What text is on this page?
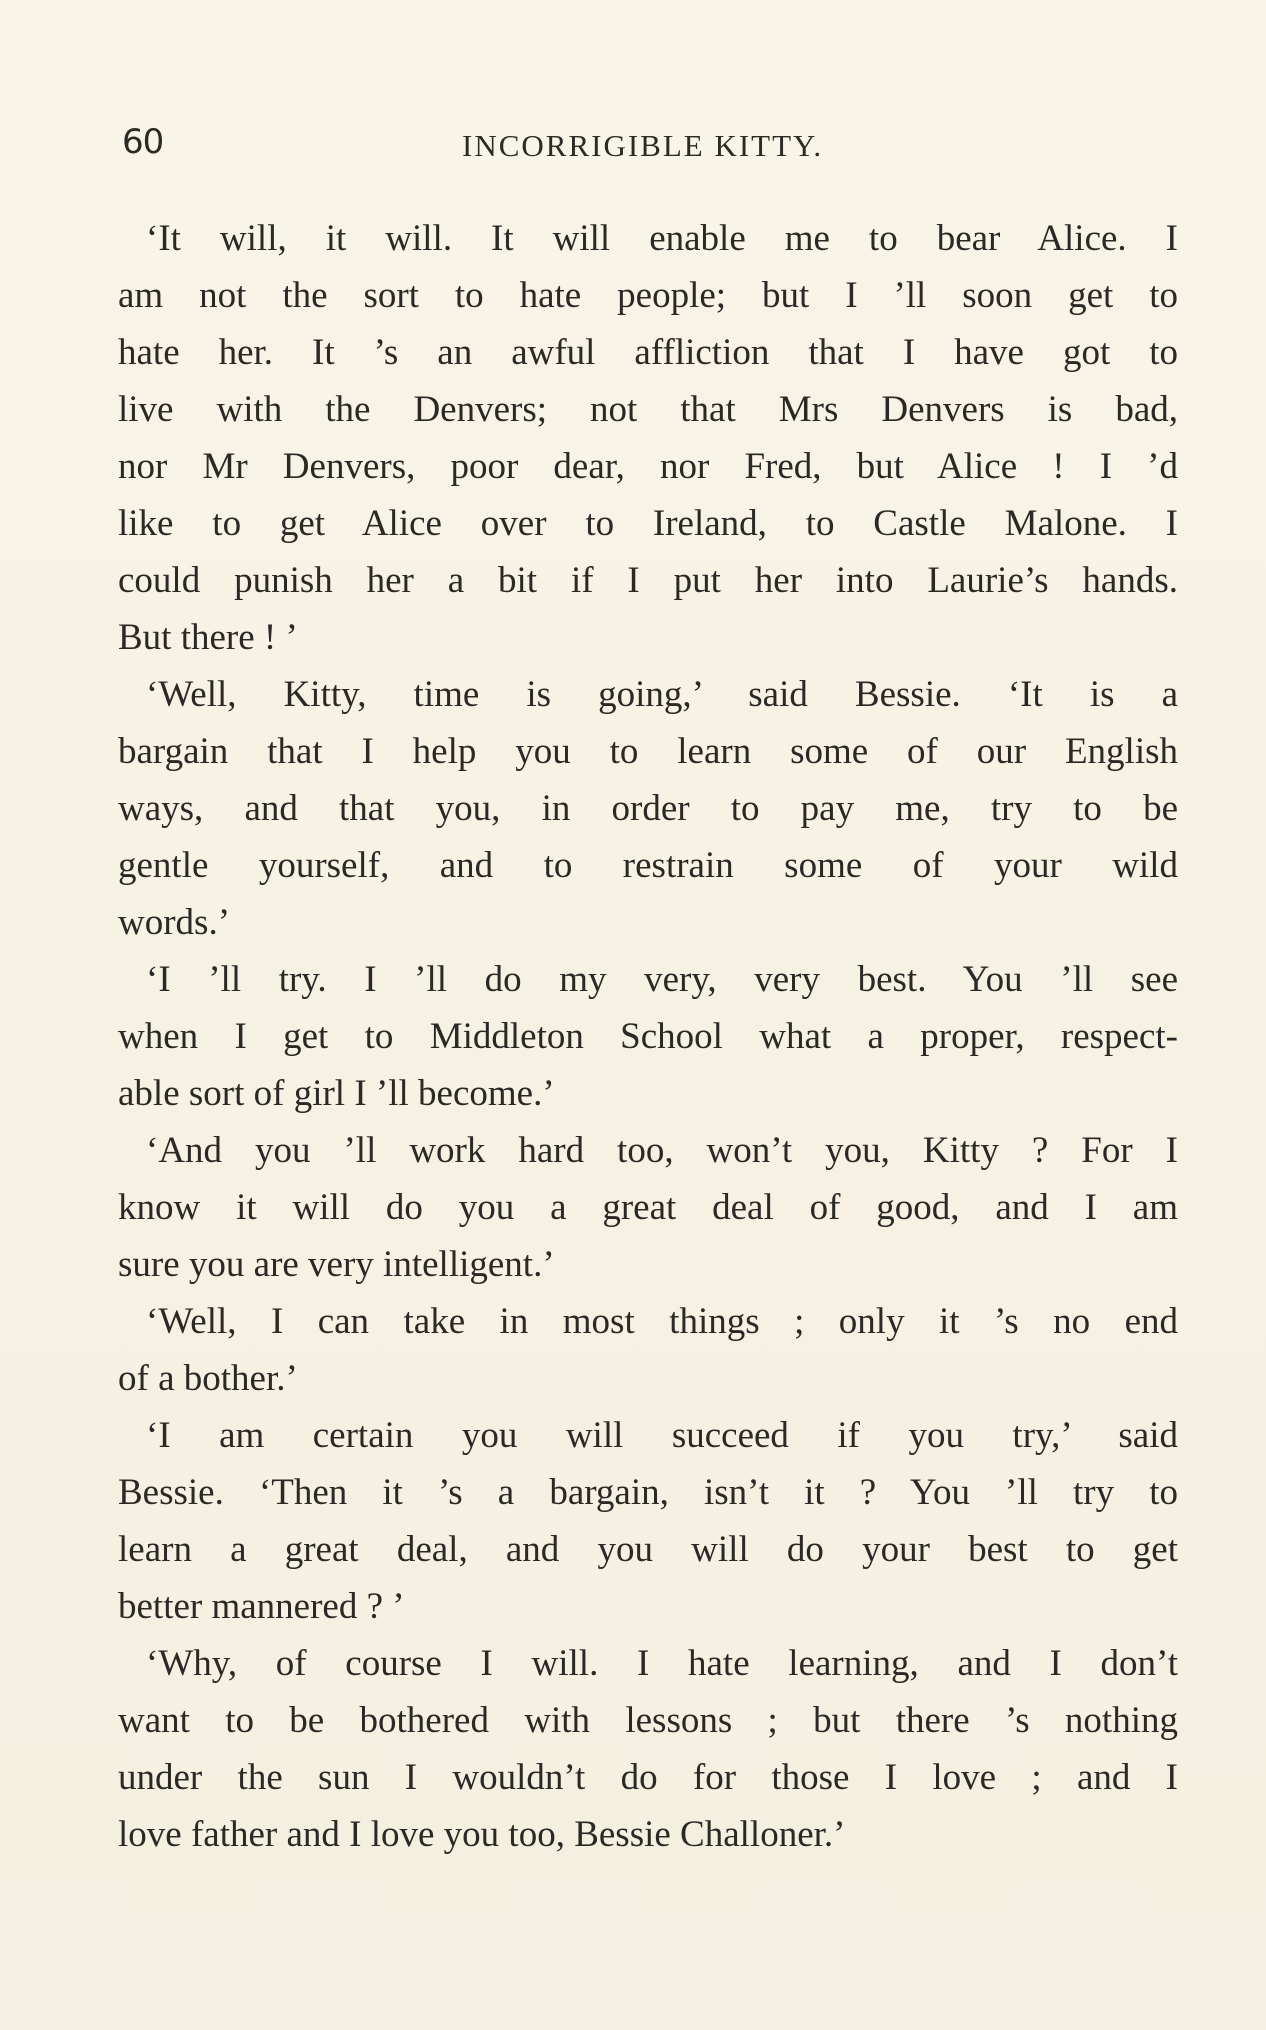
60	INCORRIGIBLE KITTY.
‘It will, it will. It will enable me to bear Alice. I
am not the sort to hate people; but I ’ll soon get to
hate her. It ’s an awful affliction that I have got to
live with the Denvers; not that Mrs Denvers is bad,
nor Mr Denvers, poor dear, nor Fred, but Alice ! I ’d
like to get Alice over to Ireland, to Castle Malone. I
could punish her a bit if I put her into Laurie’s hands.
But there ! ’
‘Well, Kitty, time is going,’ said Bessie. ‘It is a
bargain that I help you to learn some of our English
ways, and that you, in order to pay me, try to be
gentle yourself, and to restrain some of your wild
words.’
‘I ’ll try. I ’ll do my very, very best. You ’ll see
when I get to Middleton School what a proper, respect-
able sort of girl I ’ll become.’
‘And you ’ll work hard too, won’t you, Kitty ? For I
know it will do you a great deal of good, and I am
sure you are very intelligent.’
‘Well, I can take in most things ; only it ’s no end
of a bother.’
‘I am certain you will succeed if you try,’ said
Bessie. ‘Then it ’s a bargain, isn’t it ? You ’ll try to
learn a great deal, and you will do your best to get
better mannered ? ’
‘Why, of course I will. I hate learning, and I don’t
want to be bothered with lessons ; but there ’s nothing
under the sun I wouldn’t do for those I love ; and I
love father and I love you too, Bessie Challoner.’
